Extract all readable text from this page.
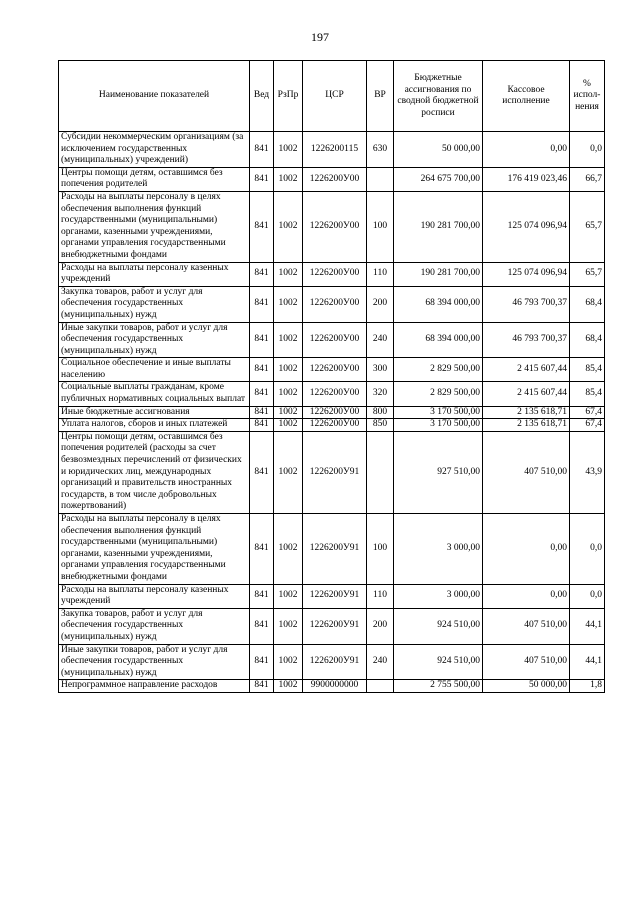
197
Наименование показателей	Вед	РзПр	ЦСР	ВР	Бюджетные ассигнования по сводной бюджетной росписи	Кассовое исполнение	% испол-нения
Субсидии некоммерческим организациям (за исключением государственных (муниципальных) учреждений)	841	1002	1226200115	630	50 000,00	0,00	0,0
Центры помощи детям, оставшимся без попечения родителей	841	1002	1226200У00		264 675 700,00	176 419 023,46	66,7
Расходы на выплаты персоналу в целях обеспечения выполнения функций государственными (муниципальными) органами, казенными учреждениями, органами управления государственными внебюджетными фондами	841	1002	1226200У00	100	190 281 700,00	125 074 096,94	65,7
Расходы на выплаты персоналу казенных учреждений	841	1002	1226200У00	110	190 281 700,00	125 074 096,94	65,7
Закупка товаров, работ и услуг для обеспечения государственных (муниципальных) нужд	841	1002	1226200У00	200	68 394 000,00	46 793 700,37	68,4
Иные закупки товаров, работ и услуг для обеспечения государственных (муниципальных) нужд	841	1002	1226200У00	240	68 394 000,00	46 793 700,37	68,4
Социальное обеспечение и иные выплаты населению	841	1002	1226200У00	300	2 829 500,00	2 415 607,44	85,4
Социальные выплаты гражданам, кроме публичных нормативных социальных выплат	841	1002	1226200У00	320	2 829 500,00	2 415 607,44	85,4
Иные бюджетные ассигнования	841	1002	1226200У00	800	3 170 500,00	2 135 618,71	67,4
Уплата налогов, сборов и иных платежей	841	1002	1226200У00	850	3 170 500,00	2 135 618,71	67,4
Центры помощи детям, оставшимся без попечения родителей (расходы за счет безвозмездных перечислений от физических и юридических лиц, международных организаций и правительств иностранных государств, в том числе добровольных пожертвований)	841	1002	1226200У91		927 510,00	407 510,00	43,9
Расходы на выплаты персоналу в целях обеспечения выполнения функций государственными (муниципальными) органами, казенными учреждениями, органами управления государственными внебюджетными фондами	841	1002	1226200У91	100	3 000,00	0,00	0,0
Расходы на выплаты персоналу казенных учреждений	841	1002	1226200У91	110	3 000,00	0,00	0,0
Закупка товаров, работ и услуг для обеспечения государственных (муниципальных) нужд	841	1002	1226200У91	200	924 510,00	407 510,00	44,1
Иные закупки товаров, работ и услуг для обеспечения государственных (муниципальных) нужд	841	1002	1226200У91	240	924 510,00	407 510,00	44,1
Непрограммное направление расходов	841	1002	9900000000		2 755 500,00	50 000,00	1,8
